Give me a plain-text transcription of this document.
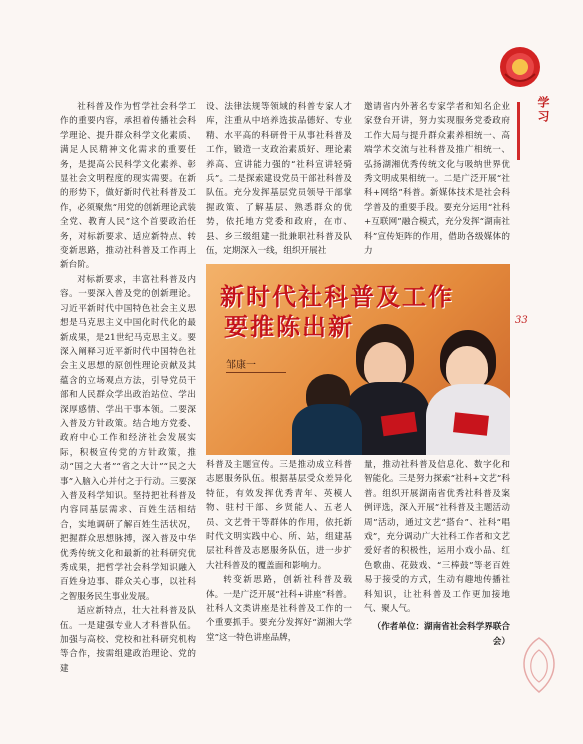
学习
33

社科普及作为哲学社会科学工作的重要内容，承担着传播社会科学理论、提升群众科学文化素质、满足人民精神文化需求的重要任务，是提高公民科学文化素养、彰显社会文明程度的现实需要。在新的形势下，做好新时代社科普及工作，必须聚焦“用党的创新理论武装全党、教育人民”这个首要政治任务，对标新要求、适应新特点、转变新思路，推动社科普及工作再上新台阶。

对标新要求，丰富社科普及内容。一要深入普及党的创新理论。习近平新时代中国特色社会主义思想是马克思主义中国化时代化的最新成果，是21世纪马克思主义。要深入阐释习近平新时代中国特色社会主义思想的原创性理论贡献及其蕴含的立场观点方法，引导党员干部和人民群众学出政治站位、学出深厚感情、学出干事本领。二要深入普及方针政策。结合地方党委、政府中心工作和经济社会发展实际，积极宣传党的方针政策，推动“国之大者”“省之大计”“民之大事”入脑入心并付之于行动。三要深入普及科学知识。坚持把社科普及内容同基层需求、百姓生活相结合，实地调研了解百姓生活状况，把握群众思想脉搏，深入普及中华优秀传统文化和最新的社科研究优秀成果，把哲学社会科学知识融入百姓身边事、群众关心事，以社科之智服务民生事业发展。

适应新特点，壮大社科普及队伍。一是建强专业人才科普队伍。加强与高校、党校和社科研究机构等合作，按需组建政治理论、党的建

设、法律法规等领域的科普专家人才库，注重从中培养选拔品德好、专业精、水平高的科研骨干从事社科普及工作，锻造一支政治素质好、理论素养高、宣讲能力强的“社科宣讲轻骑兵”。二是探索建设党员干部社科普及队伍。充分发挥基层党员领导干部掌握政策、了解基层、熟悉群众的优势，依托地方党委和政府，在市、县、乡三级组建一批兼职社科普及队伍，定期深入一线，组织开展社

邀请省内外著名专家学者和知名企业家登台开讲，努力实现服务党委政府工作大局与提升群众素养相统一、高端学术交流与社科普及推广相统一、弘扬湖湘优秀传统文化与吸纳世界优秀文明成果相统一。二是广泛开展“社科+网络”科普。新媒体技术是社会科学普及的重要手段。要充分运用“社科+互联网”融合模式，充分发挥“湖南社科”宣传矩阵的作用，借助各级媒体的力

新时代社科普及工作
要推陈出新
邹康一

科普及主题宣传。三是推动成立科普志愿服务队伍。根据基层受众差异化特征，有效发挥优秀青年、英模人物、驻村干部、乡贤能人、五老人员、文艺骨干等群体的作用，依托新时代文明实践中心、所、站，组建基层社科普及志愿服务队伍，进一步扩大社科普及的覆盖面和影响力。

转变新思路，创新社科普及载体。一是广泛开展“社科+讲座”科普。社科人文类讲座是社科普及工作的一个重要抓手。要充分发挥好“湖湘大学堂”这一特色讲座品牌，

量，推动社科普及信息化、数字化和智能化。三是努力探索“社科+文艺”科普。组织开展湖南省优秀社科普及案例评选，深入开展“社科普及主题活动周”活动，通过文艺“搭台”、社科“唱戏”，充分调动广大社科工作者和文艺爱好者的积极性，运用小戏小品、红色歌曲、花鼓戏、“三棒鼓”等老百姓易于接受的方式，生动有趣地传播社科知识，让社科普及工作更加接地气、聚人气。

（作者单位：湖南省社会科学界联合会）
